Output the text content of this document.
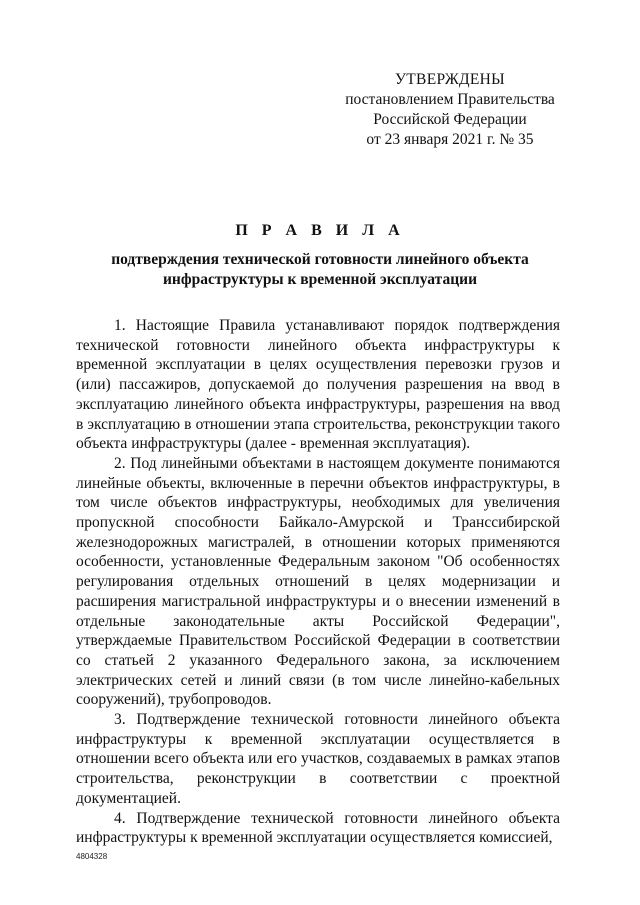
УТВЕРЖДЕНЫ
постановлением Правительства
Российской Федерации
от 23 января 2021 г. № 35
П Р А В И Л А
подтверждения технической готовности линейного объекта
инфраструктуры к временной эксплуатации

1. Настоящие Правила устанавливают порядок подтверждения технической готовности линейного объекта инфраструктуры к временной эксплуатации в целях осуществления перевозки грузов и (или) пассажиров, допускаемой до получения разрешения на ввод в эксплуатацию линейного объекта инфраструктуры, разрешения на ввод в эксплуатацию в отношении этапа строительства, реконструкции такого объекта инфраструктуры (далее - временная эксплуатация).

2. Под линейными объектами в настоящем документе понимаются линейные объекты, включенные в перечни объектов инфраструктуры, в том числе объектов инфраструктуры, необходимых для увеличения пропускной способности Байкало-Амурской и Транссибирской железнодорожных магистралей, в отношении которых применяются особенности, установленные Федеральным законом "Об особенностях регулирования отдельных отношений в целях модернизации и расширения магистральной инфраструктуры и о внесении изменений в отдельные законодательные акты Российской Федерации", утверждаемые Правительством Российской Федерации в соответствии со статьей 2 указанного Федерального закона, за исключением электрических сетей и линий связи (в том числе линейно-кабельных сооружений), трубопроводов.

3. Подтверждение технической готовности линейного объекта инфраструктуры к временной эксплуатации осуществляется в отношении всего объекта или его участков, создаваемых в рамках этапов строительства, реконструкции в соответствии с проектной документацией.

4. Подтверждение технической готовности линейного объекта инфраструктуры к временной эксплуатации осуществляется комиссией,

4804328
